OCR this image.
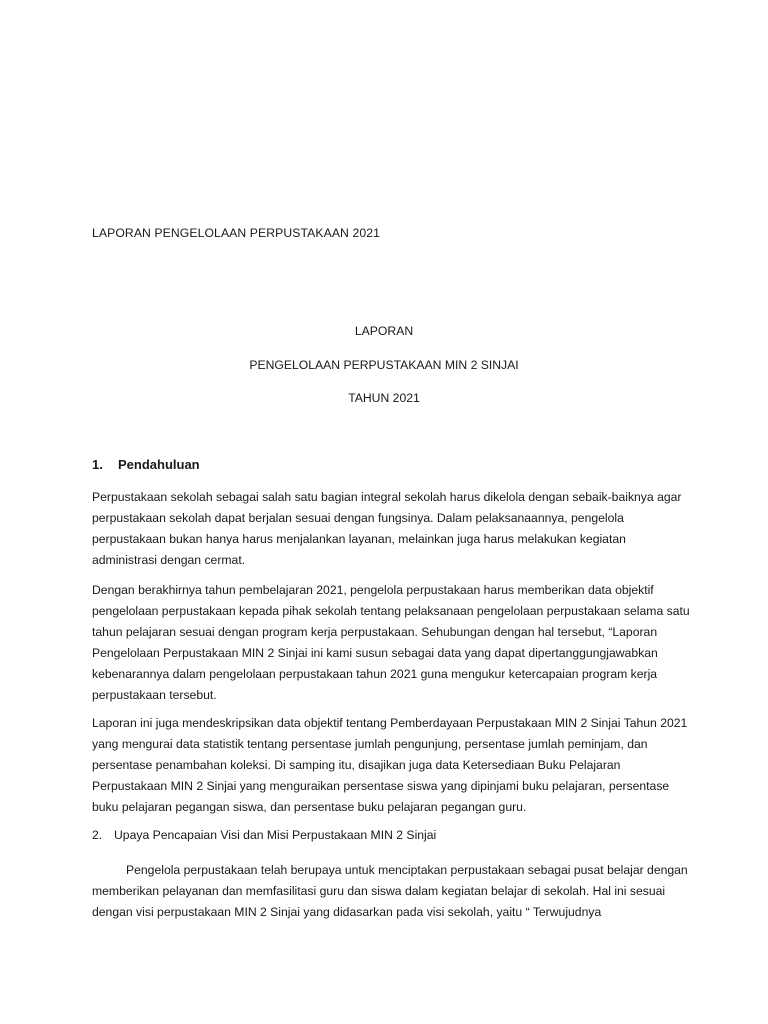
LAPORAN PENGELOLAAN PERPUSTAKAAN 2021

LAPORAN

PENGELOLAAN PERPUSTAKAAN MIN 2 SINJAI

TAHUN 2021

1. Pendahuluan

Perpustakaan sekolah sebagai salah satu bagian integral sekolah harus dikelola dengan sebaik-baiknya agar perpustakaan sekolah dapat berjalan sesuai dengan fungsinya. Dalam pelaksanaannya, pengelola perpustakaan bukan hanya harus menjalankan layanan, melainkan juga harus melakukan kegiatan administrasi dengan cermat.

Dengan berakhirnya tahun pembelajaran 2021, pengelola perpustakaan harus memberikan data objektif pengelolaan perpustakaan kepada pihak sekolah tentang pelaksanaan pengelolaan perpustakaan selama satu tahun pelajaran sesuai dengan program kerja perpustakaan. Sehubungan dengan hal tersebut, “Laporan Pengelolaan Perpustakaan MIN 2 Sinjai ini kami susun sebagai data yang dapat dipertanggungjawabkan kebenarannya dalam pengelolaan perpustakaan tahun 2021 guna mengukur ketercapaian program kerja perpustakaan tersebut.

Laporan ini juga mendeskripsikan data objektif tentang Pemberdayaan Perpustakaan MIN 2 Sinjai Tahun 2021 yang mengurai data statistik tentang persentase jumlah pengunjung, persentase jumlah peminjam, dan persentase penambahan koleksi. Di samping itu, disajikan juga data Ketersediaan Buku Pelajaran Perpustakaan MIN 2 Sinjai yang menguraikan persentase siswa yang dipinjami buku pelajaran, persentase buku pelajaran pegangan siswa, dan persentase buku pelajaran pegangan guru.

2. Upaya Pencapaian Visi dan Misi Perpustakaan MIN 2 Sinjai

Pengelola perpustakaan telah berupaya untuk menciptakan perpustakaan sebagai pusat belajar dengan memberikan pelayanan dan memfasilitasi guru dan siswa dalam kegiatan belajar di sekolah. Hal ini sesuai dengan visi perpustakaan MIN 2 Sinjai yang didasarkan pada visi sekolah, yaitu “ Terwujudnya
